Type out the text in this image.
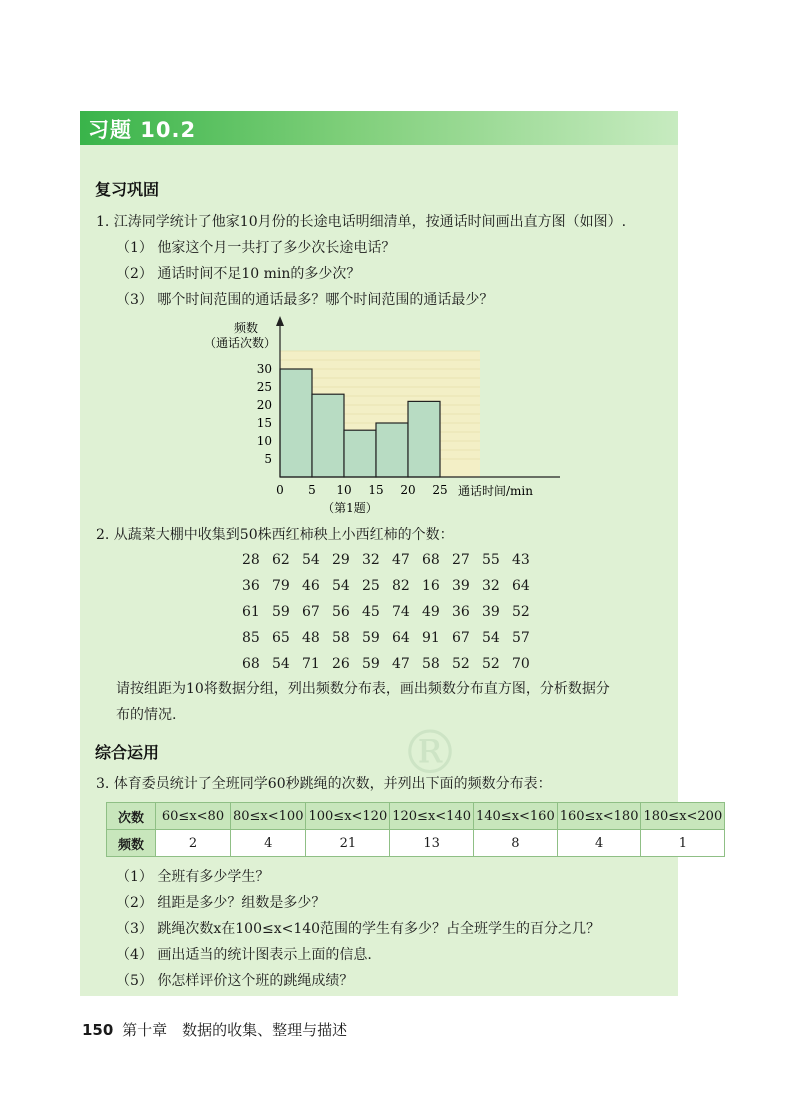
习题 10.2
复习巩固
1. 江涛同学统计了他家10月份的长途电话明细清单，按通话时间画出直方图（如图）.
（1） 他家这个月一共打了多少次长途电话？
（2） 通话时间不足10 min的多少次？
（3） 哪个时间范围的通话最多？哪个时间范围的通话最少？
5
10
15
20
25
30
0 5 10 15 20 25
频数
（通话次数）
通话时间/min
（第1题）
2. 从蔬菜大棚中收集到50株西红柿秧上小西红柿的个数：
28 62 54 29 32 47 68 27 55 43
36 79 46 54 25 82 16 39 32 64
61 59 67 56 45 74 49 36 39 52
85 65 48 58 59 64 91 67 54 57
68 54 71 26 59 47 58 52 52 70
请按组距为10将数据分组，列出频数分布表，画出频数分布直方图，分析数据分
布的情况.
综合运用	®
3. 体育委员统计了全班同学60秒跳绳的次数，并列出下面的频数分布表：
次数	60≤x<80	80≤x<100	100≤x<120	120≤x<140	140≤x<160	160≤x<180	180≤x<200
频数	2	4	21	13	8	4	1
（1） 全班有多少学生？
（2） 组距是多少？组数是多少？
（3） 跳绳次数x在100≤x<140范围的学生有多少？占全班学生的百分之几？
（4） 画出适当的统计图表示上面的信息.
（5） 你怎样评价这个班的跳绳成绩？
150 第十章　数据的收集、整理与描述
